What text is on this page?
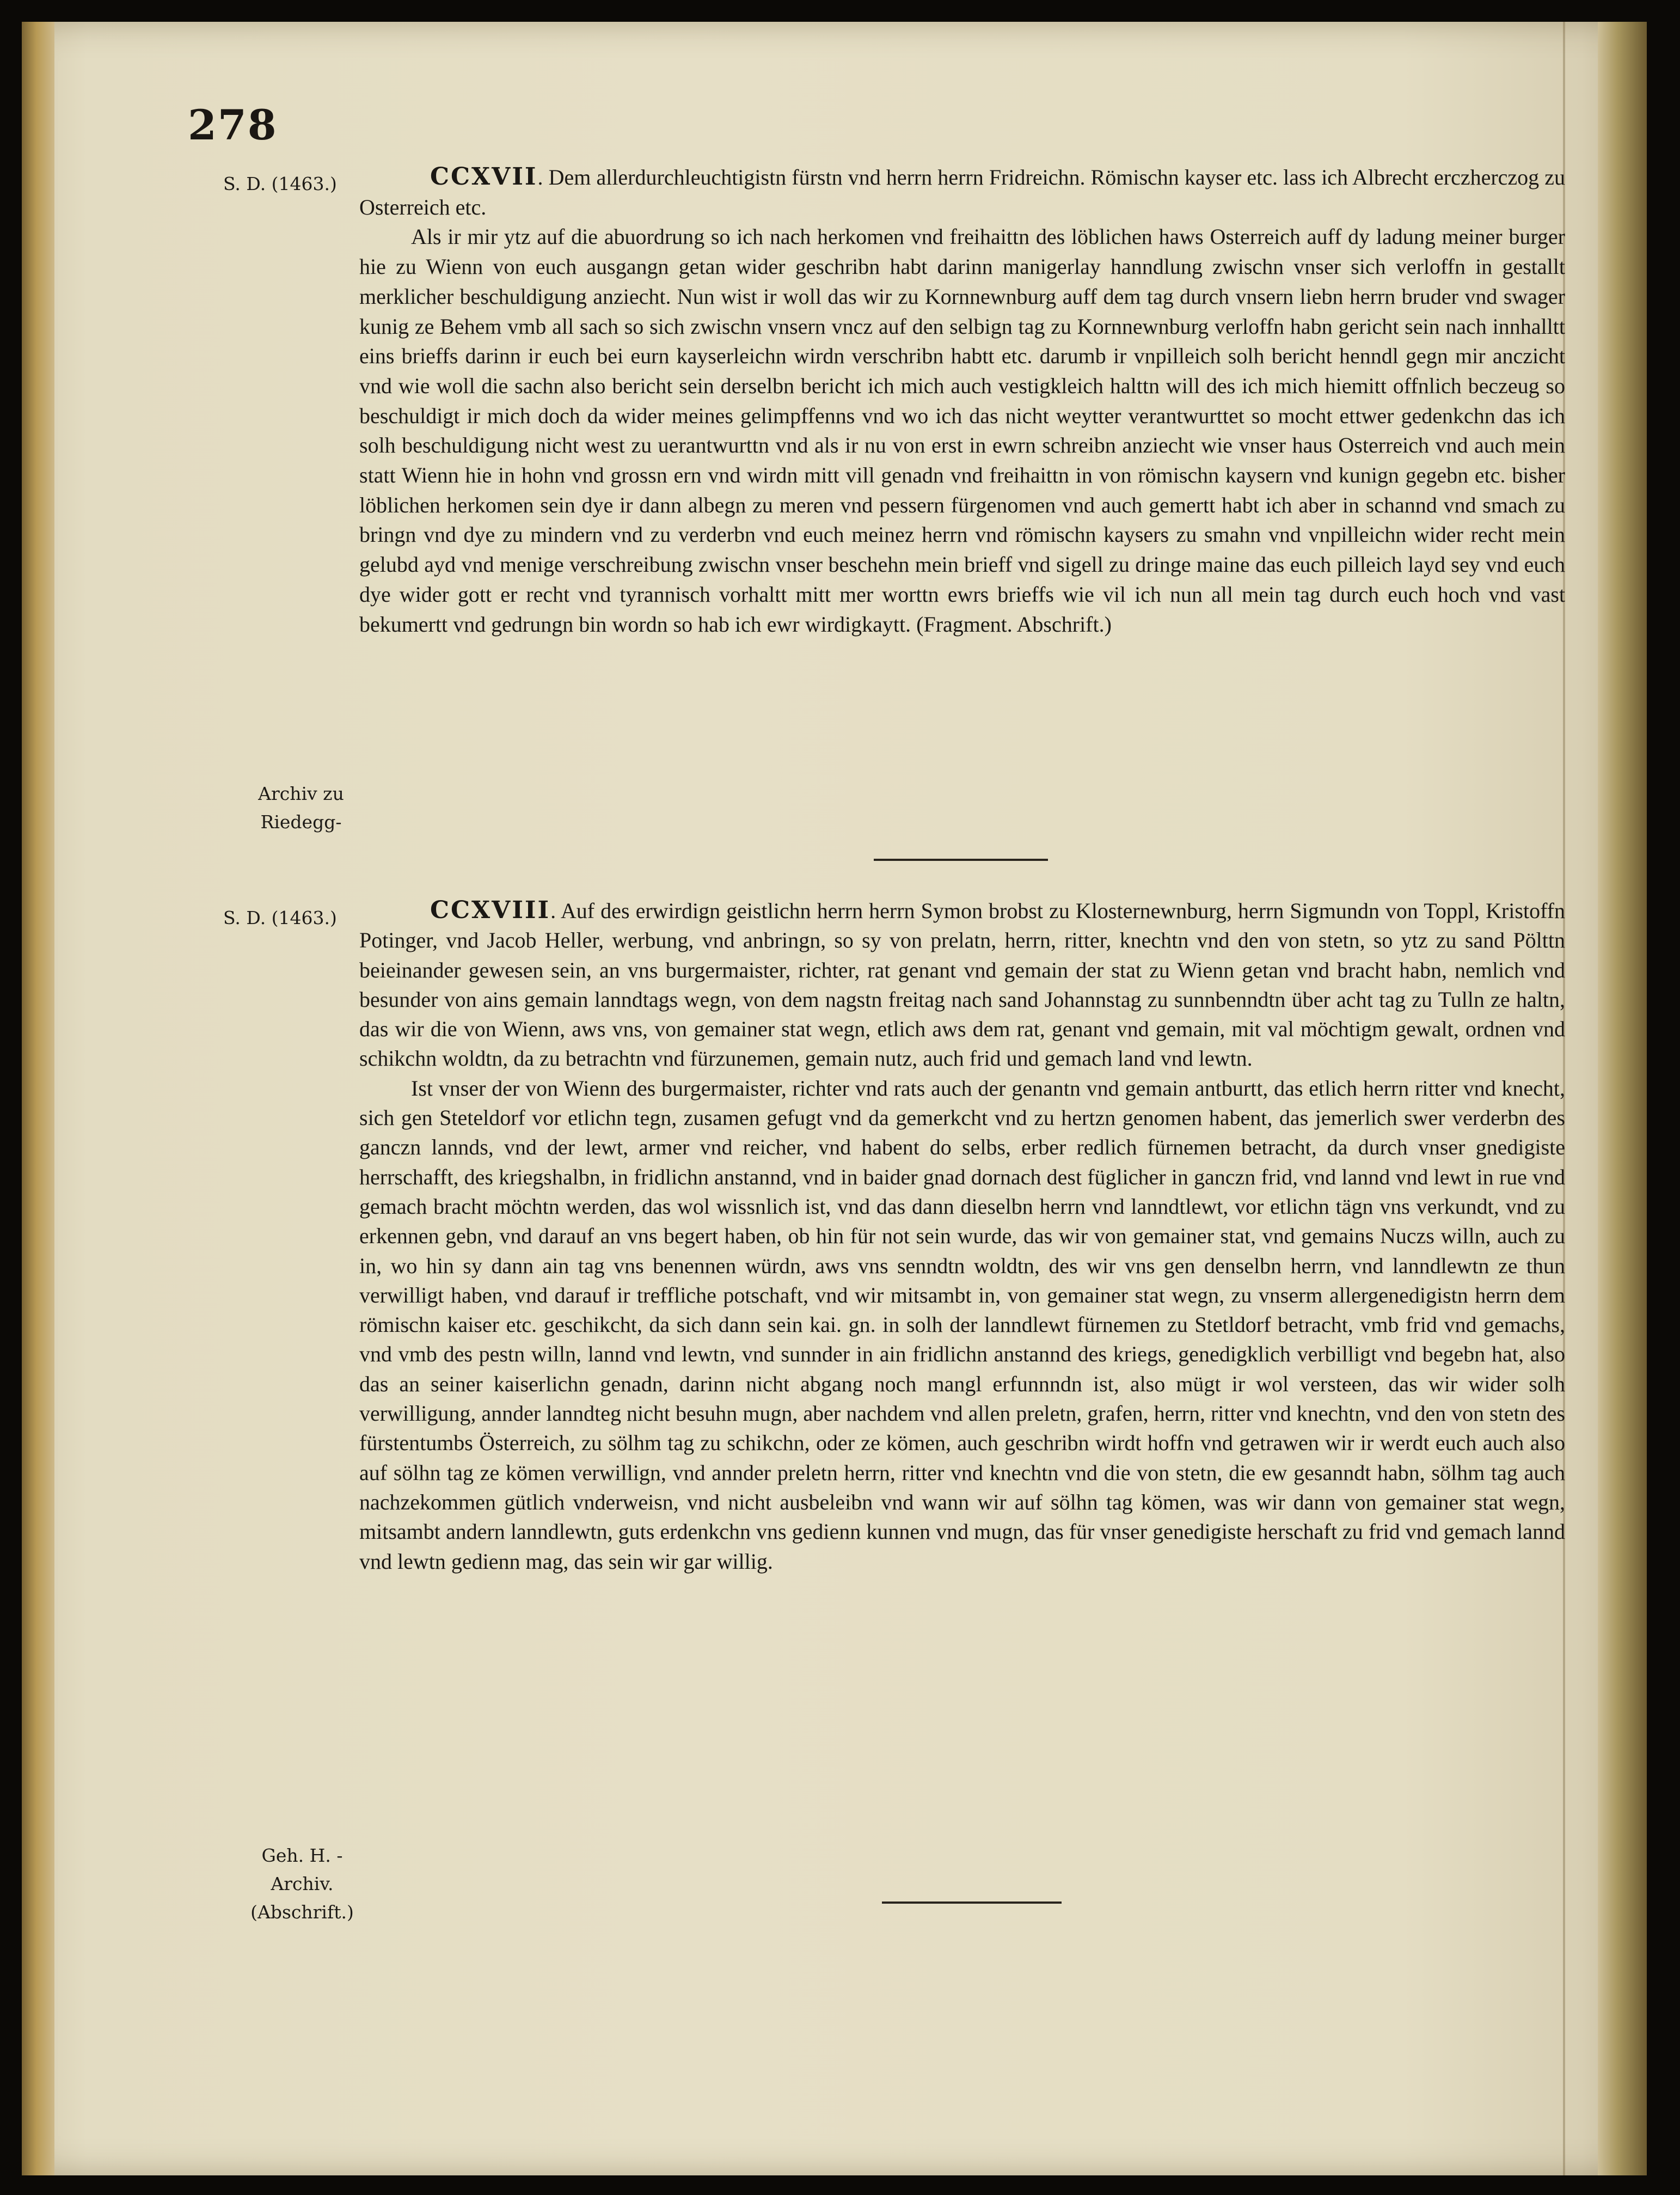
278
S. D. (1463.)
Archiv zu Riedegg-

CCXVII. Dem allerdurchleuchtigistn fürstn vnd herrn herrn Fridreichn. Römischn kayser etc. lass ich Albrecht erczherczog zu Osterreich etc.

Als ir mir ytz auf die abuordrung so ich nach herkomen vnd freihaittn des löblichen haws Osterreich auff dy ladung meiner burger hie zu Wienn von euch ausgangn getan wider geschribn habt darinn manigerlay hanndlung zwischn vnser sich verloffn in gestallt merklicher beschuldigung anziecht. Nun wist ir woll das wir zu Kornnewnburg auff dem tag durch vnsern liebn herrn bruder vnd swager kunig ze Behem vmb all sach so sich zwischn vnsern vncz auf den selbign tag zu Kornnewnburg verloffn habn gericht sein nach innhalltt eins brieffs darinn ir euch bei eurn kayserleichn wirdn verschribn habtt etc. darumb ir vnpilleich solh bericht henndl gegn mir anczicht vnd wie woll die sachn also bericht sein derselbn bericht ich mich auch vestigkleich halttn will des ich mich hiemitt offnlich beczeug so beschuldigt ir mich doch da wider meines gelimpffenns vnd wo ich das nicht weytter verantwurttet so mocht ettwer gedenkchn das ich solh beschuldigung nicht west zu uerantwurttn vnd als ir nu von erst in ewrn schreibn anziecht wie vnser haus Osterreich vnd auch mein statt Wienn hie in hohn vnd grossn ern vnd wirdn mitt vill genadn vnd freihaittn in von römischn kaysern vnd kunign gegebn etc. bisher löblichen herkomen sein dye ir dann albegn zu meren vnd pessern fürgenomen vnd auch gemertt habt ich aber in schannd vnd smach zu bringn vnd dye zu mindern vnd zu verderbn vnd euch meinez herrn vnd römischn kaysers zu smahn vnd vnpilleichn wider recht mein gelubd ayd vnd menige verschreibung zwischn vnser beschehn mein brieff vnd sigell zu dringe maine das euch pilleich layd sey vnd euch dye wider gott er recht vnd tyrannisch vorhaltt mitt mer worttn ewrs brieffs wie vil ich nun all mein tag durch euch hoch vnd vast bekumertt vnd gedrungn bin wordn so hab ich ewr wirdigkaytt. (Fragment. Abschrift.)

S. D. (1463.)
Geh. H. - Archiv. (Abschrift.)

CCXVIII. Auf des erwirdign geistlichn herrn herrn Symon brobst zu Klosternewnburg, herrn Sigmundn von Toppl, Kristoffn Potinger, vnd Jacob Heller, werbung, vnd anbringn, so sy von prelatn, herrn, ritter, knechtn vnd den von stetn, so ytz zu sand Pölttn beieinander gewesen sein, an vns burgermaister, richter, rat genant vnd gemain der stat zu Wienn getan vnd bracht habn, nemlich vnd besunder von ains gemain lanndtags wegn, von dem nagstn freitag nach sand Johannstag zu sunnbenndtn über acht tag zu Tulln ze haltn, das wir die von Wienn, aws vns, von gemainer stat wegn, etlich aws dem rat, genant vnd gemain, mit val möchtigm gewalt, ordnen vnd schikchn woldtn, da zu betrachtn vnd fürzunemen, gemain nutz, auch frid und gemach land vnd lewtn.

Ist vnser der von Wienn des burgermaister, richter vnd rats auch der genantn vnd gemain antburtt, das etlich herrn ritter vnd knecht, sich gen Steteldorf vor etlichn tegn, zusamen gefugt vnd da gemerkcht vnd zu hertzn genomen habent, das jemerlich swer verderbn des ganczn lannds, vnd der lewt, armer vnd reicher, vnd habent do selbs, erber redlich fürnemen betracht, da durch vnser gnedigiste herrschafft, des kriegshalbn, in fridlichn anstannd, vnd in baider gnad dornach dest füglicher in ganczn frid, vnd lannd vnd lewt in rue vnd gemach bracht möchtn werden, das wol wissnlich ist, vnd das dann dieselbn herrn vnd lanndtlewt, vor etlichn tägn vns verkundt, vnd zu erkennen gebn, vnd darauf an vns begert haben, ob hin für not sein wurde, das wir von gemainer stat, vnd gemains Nuczs willn, auch zu in, wo hin sy dann ain tag vns benennen würdn, aws vns senndtn woldtn, des wir vns gen denselbn herrn, vnd lanndlewtn ze thun verwilligt haben, vnd darauf ir treffliche potschaft, vnd wir mitsambt in, von gemainer stat wegn, zu vnserm allergenedigistn herrn dem römischn kaiser etc. geschikcht, da sich dann sein kai. gn. in solh der lanndlewt fürnemen zu Stetldorf betracht, vmb frid vnd gemachs, vnd vmb des pestn willn, lannd vnd lewtn, vnd sunnder in ain fridlichn anstannd des kriegs, genedigklich verbilligt vnd begebn hat, also das an seiner kaiserlichn genadn, darinn nicht abgang noch mangl erfunnndn ist, also mügt ir wol versteen, das wir wider solh verwilligung, annder lanndteg nicht besuhn mugn, aber nachdem vnd allen preletn, grafen, herrn, ritter vnd knechtn, vnd den von stetn des fürstentumbs Österreich, zu sölhm tag zu schikchn, oder ze kömen, auch geschribn wirdt hoffn vnd getrawen wir ir werdt euch auch also auf sölhn tag ze kömen verwillign, vnd annder preletn herrn, ritter vnd knechtn vnd die von stetn, die ew gesanndt habn, sölhm tag auch nachzekommen gütlich vnderweisn, vnd nicht ausbeleibn vnd wann wir auf sölhn tag kömen, was wir dann von gemainer stat wegn, mitsambt andern lanndlewtn, guts erdenkchn vns gedienn kunnen vnd mugn, das für vnser genedigiste herschaft zu frid vnd gemach lannd vnd lewtn gedienn mag, das sein wir gar willig.
